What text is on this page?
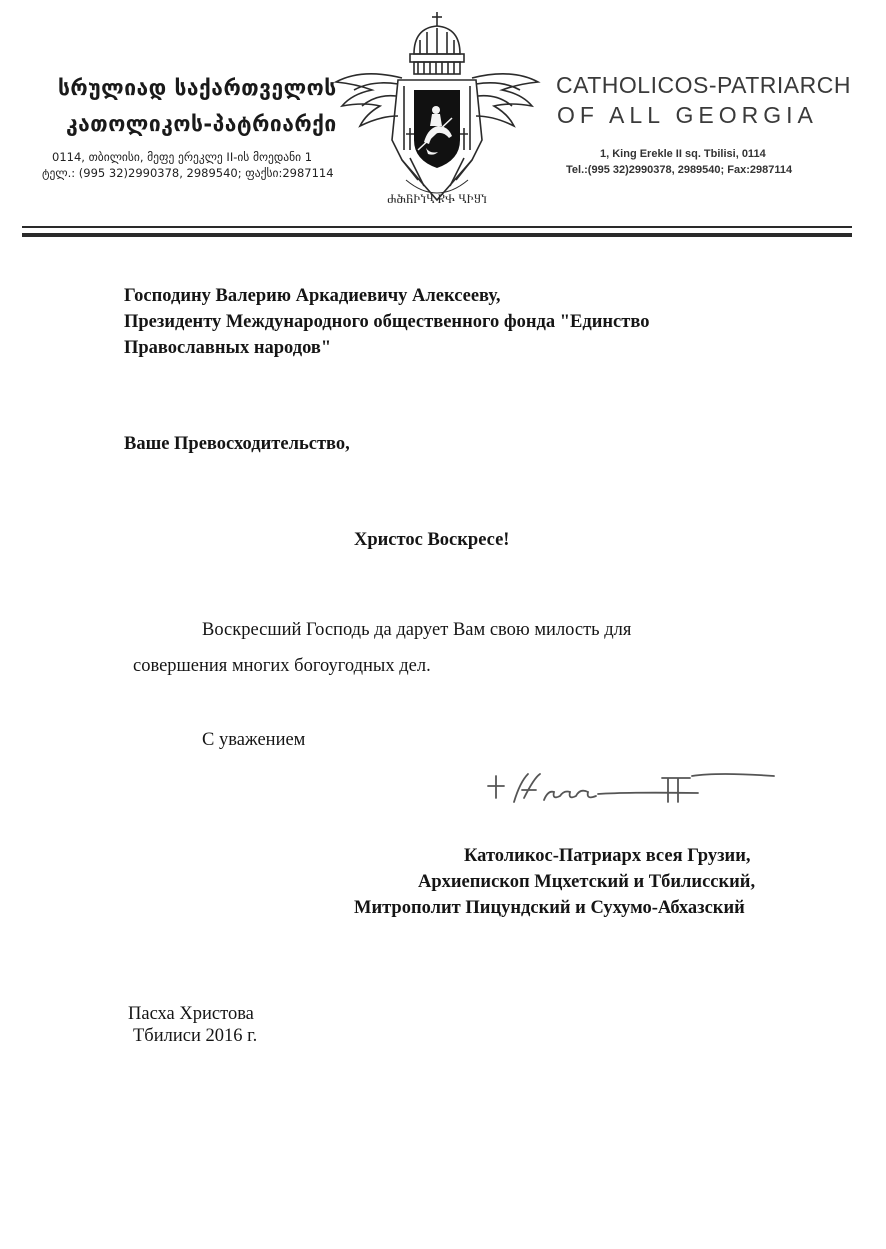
სრულიად საქართველოს
კათოლიკოს-პატრიარქი
0114, თბილისი, მეფე ერეკლე II-ის მოედანი 1
ტელ.: (995 32)2990378, 2989540; ფაქსი:2987114
ႻႫႬჁႨႡ ႼႵ ႡჁႸႨ
CATHOLICOS-PATRIARCH
OF ALL GEORGIA
1, King Erekle II sq. Tbilisi, 0114
Tel.:(995 32)2990378, 2989540; Fax:2987114
Господину Валерию Аркадиевичу Алексееву,
Президенту Международного общественного фонда "Единство
Православных народов"
Ваше Превосходительство,
Христос Воскресе!
Воскресший Господь да дарует Вам свою милость для
совершения многих богоугодных дел.
С уважением
Католикос-Патриарх всея Грузии,
Архиепископ Мцхетский и Тбилисский,
Митрополит Пицундский и Сухумо-Абхазский
Пасха Христова
Тбилиси 2016 г.
